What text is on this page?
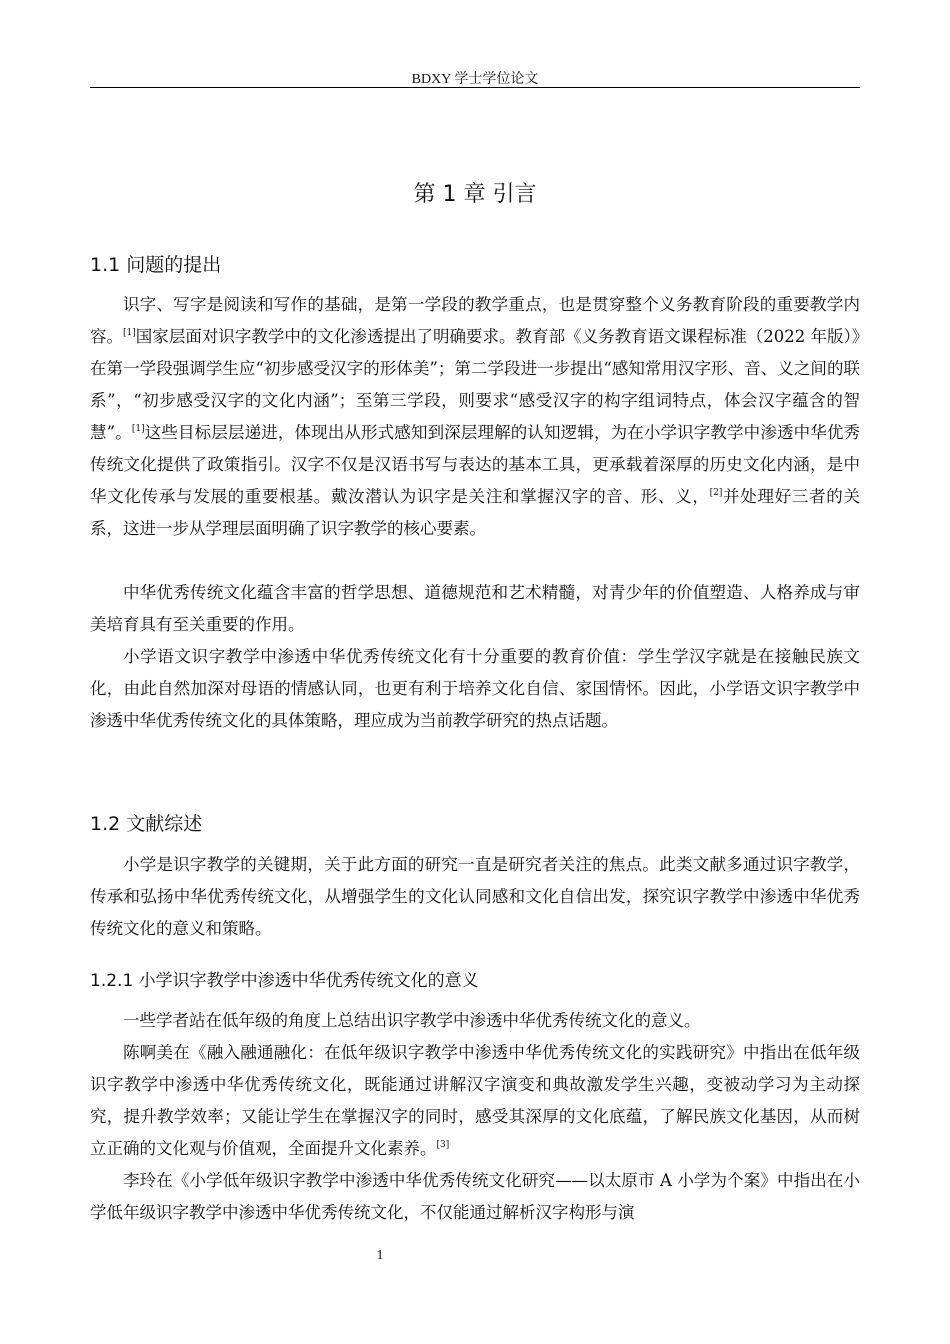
BDXY 学士学位论文
第 1 章 引言
1.1 问题的提出

识字、写字是阅读和写作的基础，是第一学段的教学重点，也是贯穿整个义务教育阶段的重要教学内容。[1]国家层面对识字教学中的文化渗透提出了明确要求。教育部《义务教育语文课程标准（2022 年版）》在第一学段强调学生应“初步感受汉字的形体美”；第二学段进一步提出“感知常用汉字形、音、义之间的联系”，“初步感受汉字的文化内涵”；至第三学段，则要求“感受汉字的构字组词特点，体会汉字蕴含的智慧”。[1]这些目标层层递进，体现出从形式感知到深层理解的认知逻辑，为在小学识字教学中渗透中华优秀传统文化提供了政策指引。汉字不仅是汉语书写与表达的基本工具，更承载着深厚的历史文化内涵，是中华文化传承与发展的重要根基。戴汝潜认为识字是关注和掌握汉字的音、形、义，[2]并处理好三者的关系，这进一步从学理层面明确了识字教学的核心要素。

中华优秀传统文化蕴含丰富的哲学思想、道德规范和艺术精髓，对青少年的价值塑造、人格养成与审美培育具有至关重要的作用。

小学语文识字教学中渗透中华优秀传统文化有十分重要的教育价值：学生学汉字就是在接触民族文化，由此自然加深对母语的情感认同，也更有利于培养文化自信、家国情怀。因此，小学语文识字教学中渗透中华优秀传统文化的具体策略，理应成为当前教学研究的热点话题。

1.2 文献综述

小学是识字教学的关键期，关于此方面的研究一直是研究者关注的焦点。此类文献多通过识字教学，传承和弘扬中华优秀传统文化，从增强学生的文化认同感和文化自信出发，探究识字教学中渗透中华优秀传统文化的意义和策略。

1.2.1 小学识字教学中渗透中华优秀传统文化的意义

一些学者站在低年级的角度上总结出识字教学中渗透中华优秀传统文化的意义。

陈啊美在《融入融通融化：在低年级识字教学中渗透中华优秀传统文化的实践研究》中指出在低年级识字教学中渗透中华优秀传统文化，既能通过讲解汉字演变和典故激发学生兴趣，变被动学习为主动探究，提升教学效率；又能让学生在掌握汉字的同时，感受其深厚的文化底蕴，了解民族文化基因，从而树立正确的文化观与价值观，全面提升文化素养。[3]

李玲在《小学低年级识字教学中渗透中华优秀传统文化研究——以太原市 A 小学为个案》中指出在小学低年级识字教学中渗透中华优秀传统文化，不仅能通过解析汉字构形与演

1
